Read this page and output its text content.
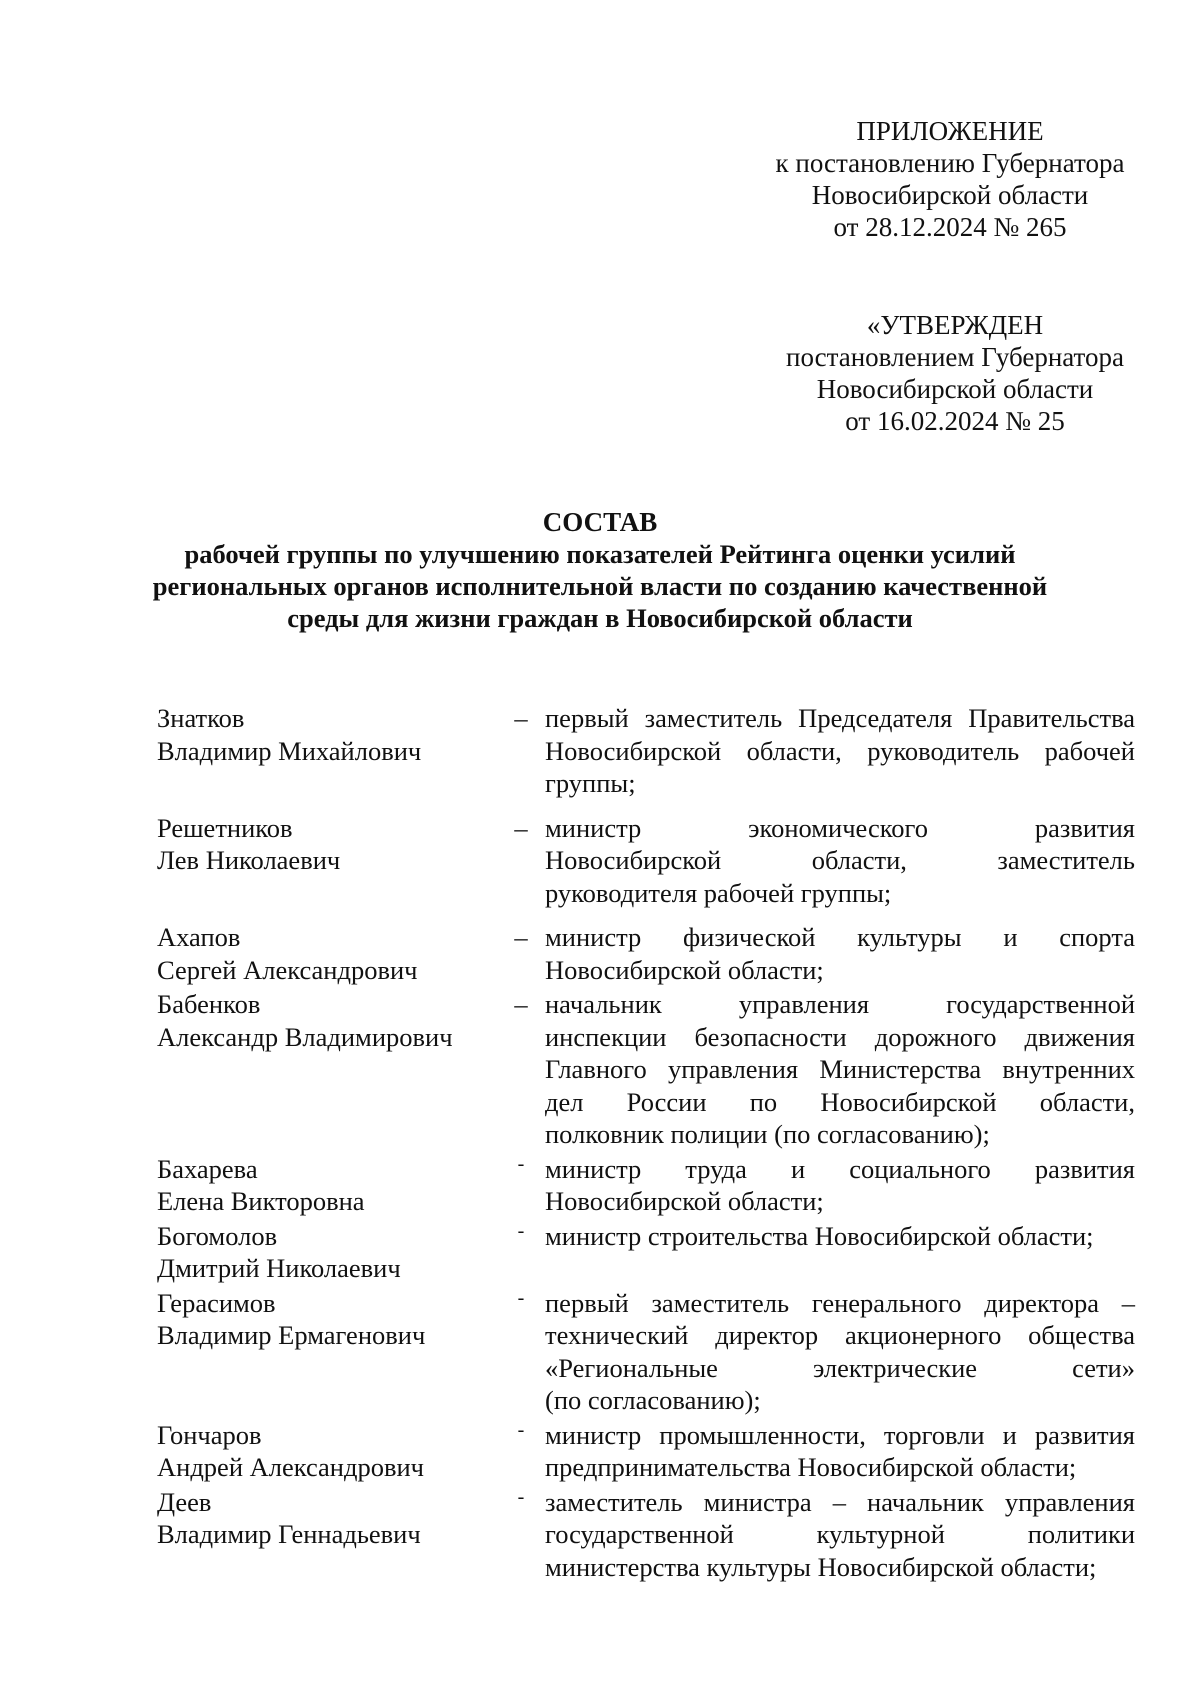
ПРИЛОЖЕНИЕ
к постановлению Губернатора
Новосибирской области
от 28.12.2024 № 265
«УТВЕРЖДЕН
постановлением Губернатора
Новосибирской области
от 16.02.2024 № 25
СОСТАВ
рабочей группы по улучшению показателей Рейтинга оценки усилий
региональных органов исполнительной власти по созданию качественной
среды для жизни граждан в Новосибирской области
Знатков
Владимир Михайлович
– первый заместитель Председателя Правительства
Новосибирской области, руководитель рабочей
группы;
Решетников
Лев Николаевич
– министр экономического развития
Новосибирской области, заместитель
руководителя рабочей группы;
Ахапов
Сергей Александрович
– министр физической культуры и спорта
Новосибирской области;
Бабенков
Александр Владимирович
– начальник управления государственной
инспекции безопасности дорожного движения
Главного управления Министерства внутренних
дел России по Новосибирской области,
полковник полиции (по согласованию);
Бахарева
Елена Викторовна
- министр труда и социального развития
Новосибирской области;
Богомолов
Дмитрий Николаевич
- министр строительства Новосибирской области;
Герасимов
Владимир Ермагенович
- первый заместитель генерального директора –
технический директор акционерного общества
«Региональные электрические сети»
(по согласованию);
Гончаров
Андрей Александрович
- министр промышленности, торговли и развития
предпринимательства Новосибирской области;
Деев
Владимир Геннадьевич
- заместитель министра – начальник управления
государственной культурной политики
министерства культуры Новосибирской области;
